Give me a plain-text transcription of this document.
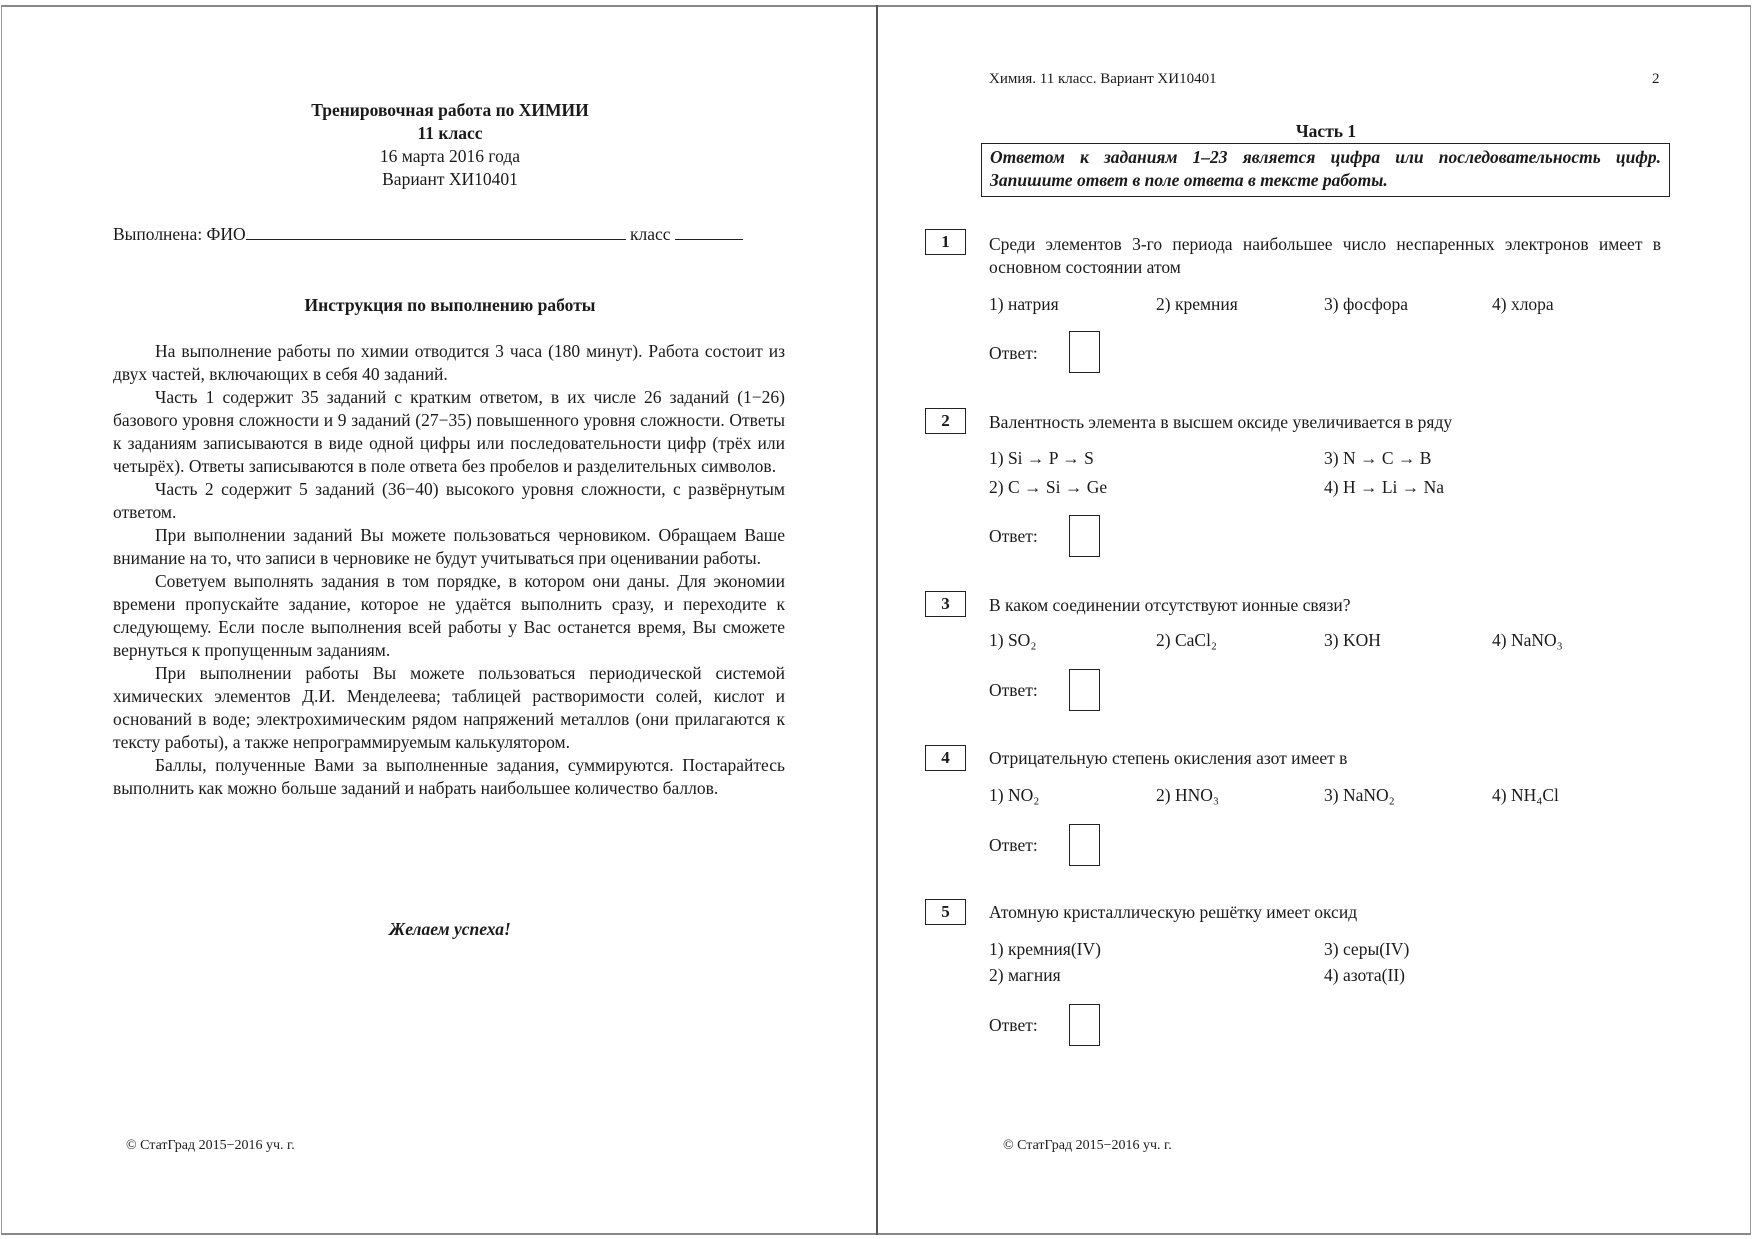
Тренировочная работа по ХИМИИ
11 класс
16 марта 2016 года
Вариант ХИ10401
Выполнена: ФИО	класс
Инструкция по выполнению работы

На выполнение работы по химии отводится 3 часа (180 минут). Работа состоит из двух частей, включающих в себя 40 заданий.

Часть 1 содержит 35 заданий с кратким ответом, в их числе 26 заданий (1−26) базового уровня сложности и 9 заданий (27−35) повышенного уровня сложности. Ответы к заданиям записываются в виде одной цифры или последовательности цифр (трёх или четырёх). Ответы записываются в поле ответа без пробелов и разделительных символов.

Часть 2 содержит 5 заданий (36−40) высокого уровня сложности, с развёрнутым ответом.

При выполнении заданий Вы можете пользоваться черновиком. Обращаем Ваше внимание на то, что записи в черновике не будут учитываться при оценивании работы.

Советуем выполнять задания в том порядке, в котором они даны. Для экономии времени пропускайте задание, которое не удаётся выполнить сразу, и переходите к следующему. Если после выполнения всей работы у Вас останется время, Вы сможете вернуться к пропущенным заданиям.

При выполнении работы Вы можете пользоваться периодической системой химических элементов Д.И. Менделеева; таблицей растворимости солей, кислот и оснований в воде; электрохимическим рядом напряжений металлов (они прилагаются к тексту работы), а также непрограммируемым калькулятором.

Баллы, полученные Вами за выполненные задания, суммируются. Постарайтесь выполнить как можно больше заданий и набрать наибольшее количество баллов.

Желаем успеха!
© СтатГрад 2015−2016 уч. г.
Химия. 11 класс. Вариант ХИ10401	2
Часть 1
Ответом к заданиям 1–23 является цифра или последовательность цифр. Запишите ответ в поле ответа в тексте работы.
1	Среди элементов 3-го периода наибольшее число неспаренных электронов имеет в основном состоянии атом
1) натрия	2) кремния	3) фосфора	4) хлора
Ответ:
2	Валентность элемента в высшем оксиде увеличивается в ряду
1) Si → P → S
2) C → Si → Ge
3) N → C → B
4) H → Li → Na
Ответ:
3	В каком соединении отсутствуют ионные связи?
1) SO₂	2) CaCl₂	3) KOH	4) NaNO₃
Ответ:
4	Отрицательную степень окисления азот имеет в
1) NO₂	2) HNO₃	3) NaNO₂	4) NH₄Cl
Ответ:
5	Атомную кристаллическую решётку имеет оксид
1) кремния(IV)
2) магния
3) серы(IV)
4) азота(II)
Ответ:
© СтатГрад 2015−2016 уч. г.
